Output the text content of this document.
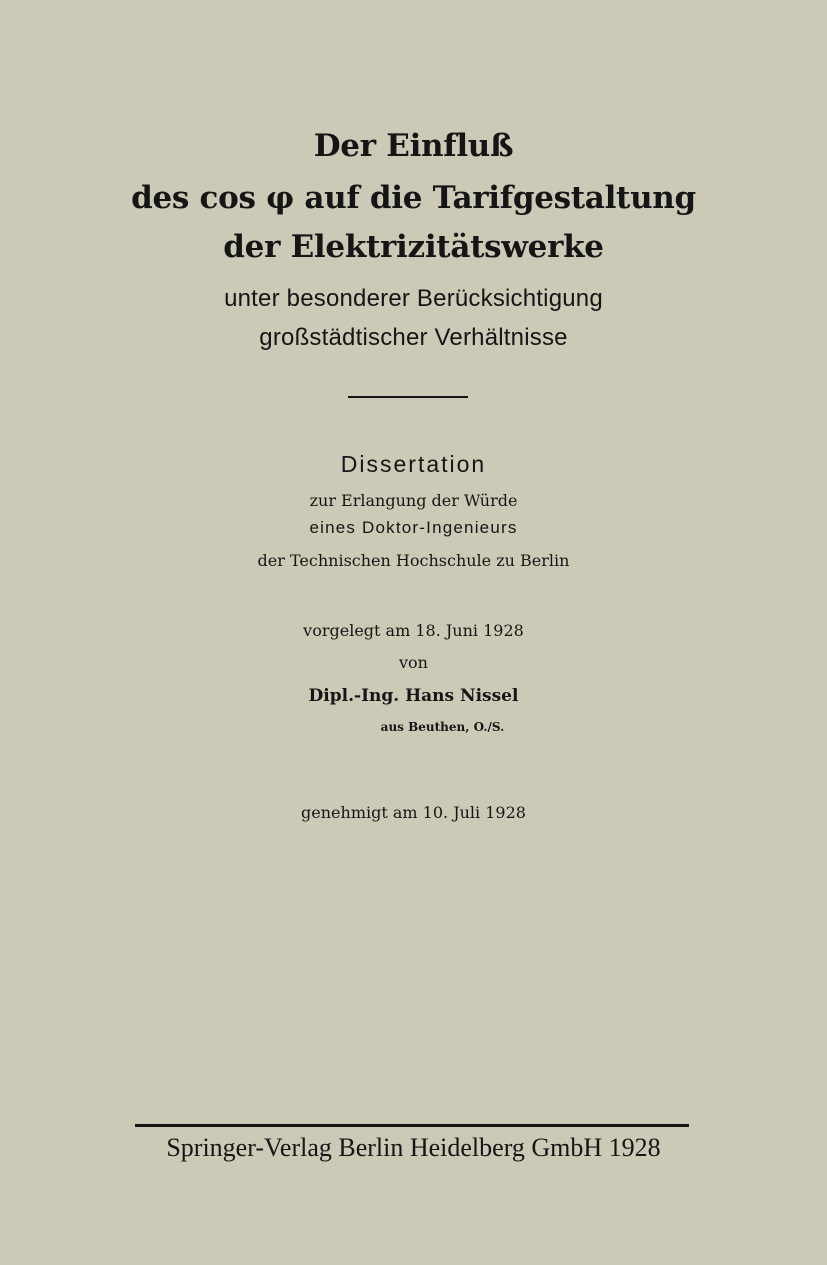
Der Einfluß
des cos φ auf die Tarifgestaltung
der Elektrizitätswerke
unter besonderer Berücksichtigung
großstädtischer Verhältnisse
Dissertation
zur Erlangung der Würde
eines Doktor-Ingenieurs
der Technischen Hochschule zu Berlin
vorgelegt am 18. Juni 1928
von
Dipl.-Ing. Hans Nissel
aus Beuthen, O./S.
genehmigt am 10. Juli 1928
Springer-Verlag Berlin Heidelberg GmbH 1928
